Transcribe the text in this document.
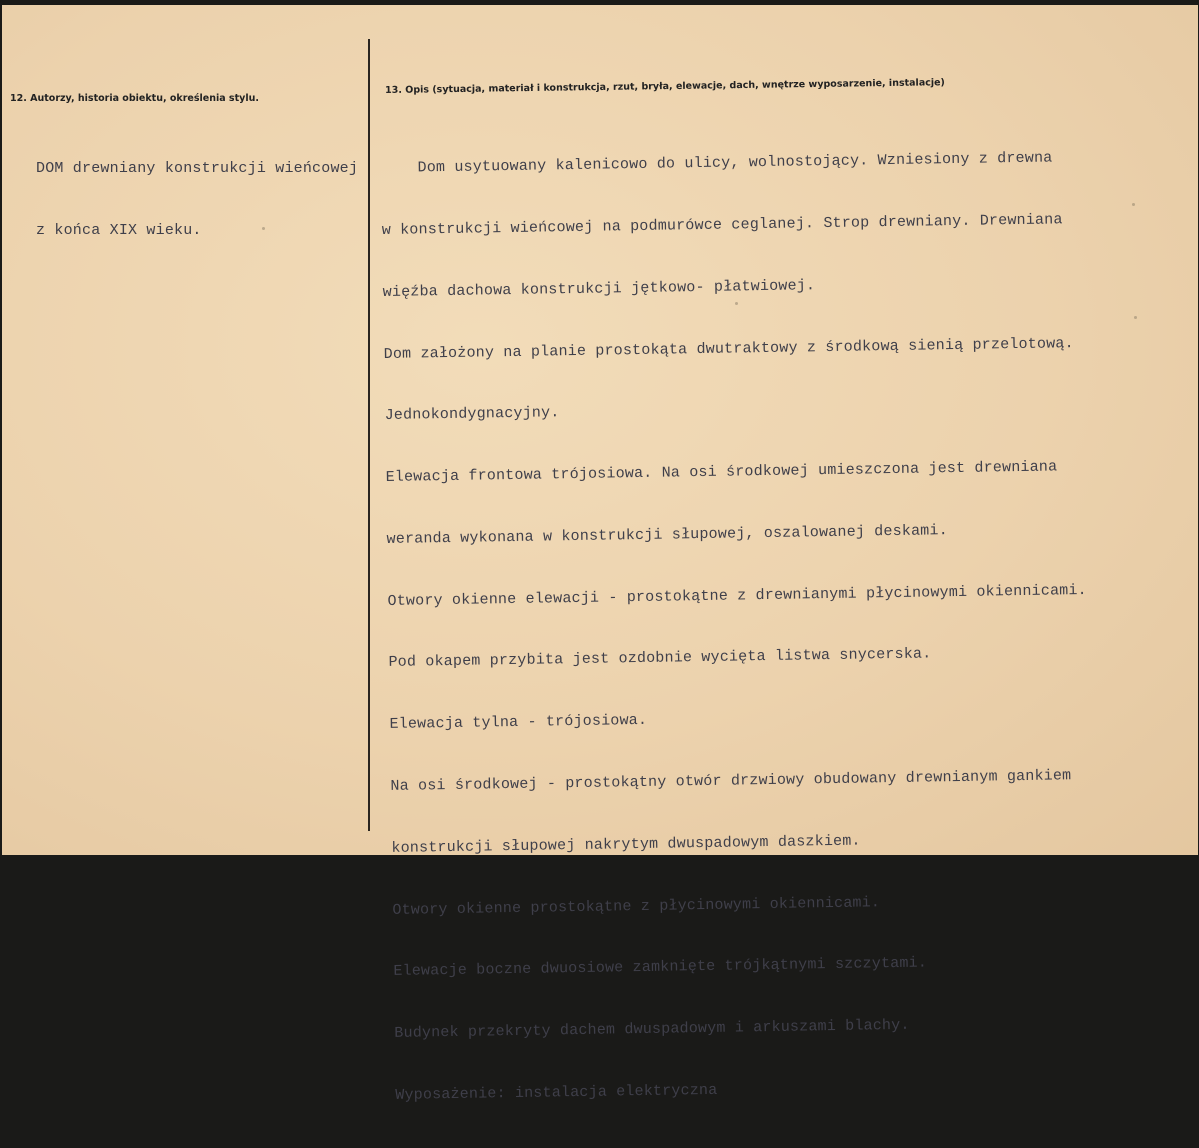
12. Autorzy, historia obiektu, określenia stylu.
13. Opis (sytuacja, materiał i konstrukcja, rzut, bryła, elewacje, dach, wnętrze wyposarzenie, instalacje)

DOM drewniany konstrukcji wieńcowej

z końca XIX wieku.

Dom usytuowany kalenicowo do ulicy, wolnostojący. Wzniesiony z drewna

w konstrukcji wieńcowej na podmurówce ceglanej. Strop drewniany. Drewniana

więźba dachowa konstrukcji jętkowo- płatwiowej.

Dom założony na planie prostokąta dwutraktowy z środkową sienią przelotową.

Jednokondygnacyjny.

Elewacja frontowa trójosiowa. Na osi środkowej umieszczona jest drewniana

weranda wykonana w konstrukcji słupowej, oszalowanej deskami.

Otwory okienne elewacji - prostokątne z drewnianymi płycinowymi okiennicami.

Pod okapem przybita jest ozdobnie wycięta listwa snycerska.

Elewacja tylna - trójosiowa.

Na osi środkowej - prostokątny otwór drzwiowy obudowany drewnianym gankiem

konstrukcji słupowej nakrytym dwuspadowym daszkiem.

Otwory okienne prostokątne z płycinowymi okiennicami.

Elewacje boczne dwuosiowe zamknięte trójkątnymi szczytami.

Budynek przekryty dachem dwuspadowym i arkuszami blachy.

Wyposażenie: instalacja elektryczna
